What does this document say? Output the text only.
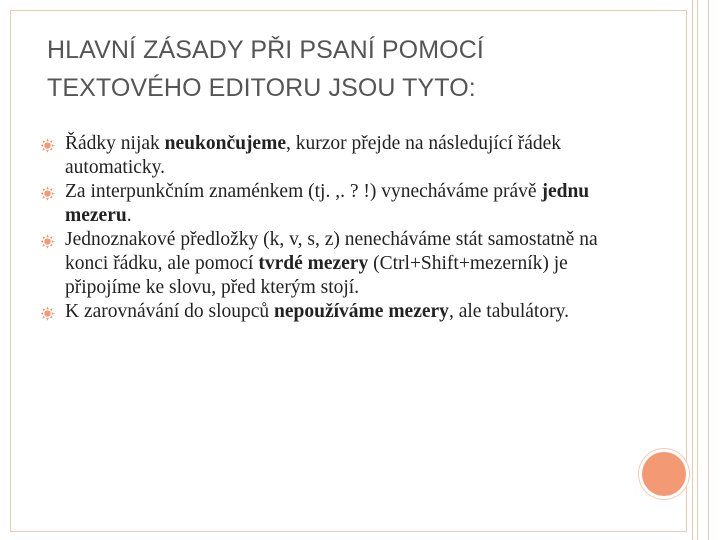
HLAVNÍ ZÁSADY PŘI PSANÍ POMOCÍ
TEXTOVÉHO EDITORU JSOU TYTO:
Řádky nijak neukončujeme, kurzor přejde na následující řádek automaticky.
Za interpunkčním znaménkem (tj. ,. ? !) vynecháváme právě jednu mezeru.
Jednoznakové předložky (k, v, s, z) nenecháváme stát samostatně na konci řádku, ale pomocí tvrdé mezery (Ctrl+Shift+mezerník) je připojíme ke slovu, před kterým stojí.
K zarovnávání do sloupců nepoužíváme mezery, ale tabulátory.
